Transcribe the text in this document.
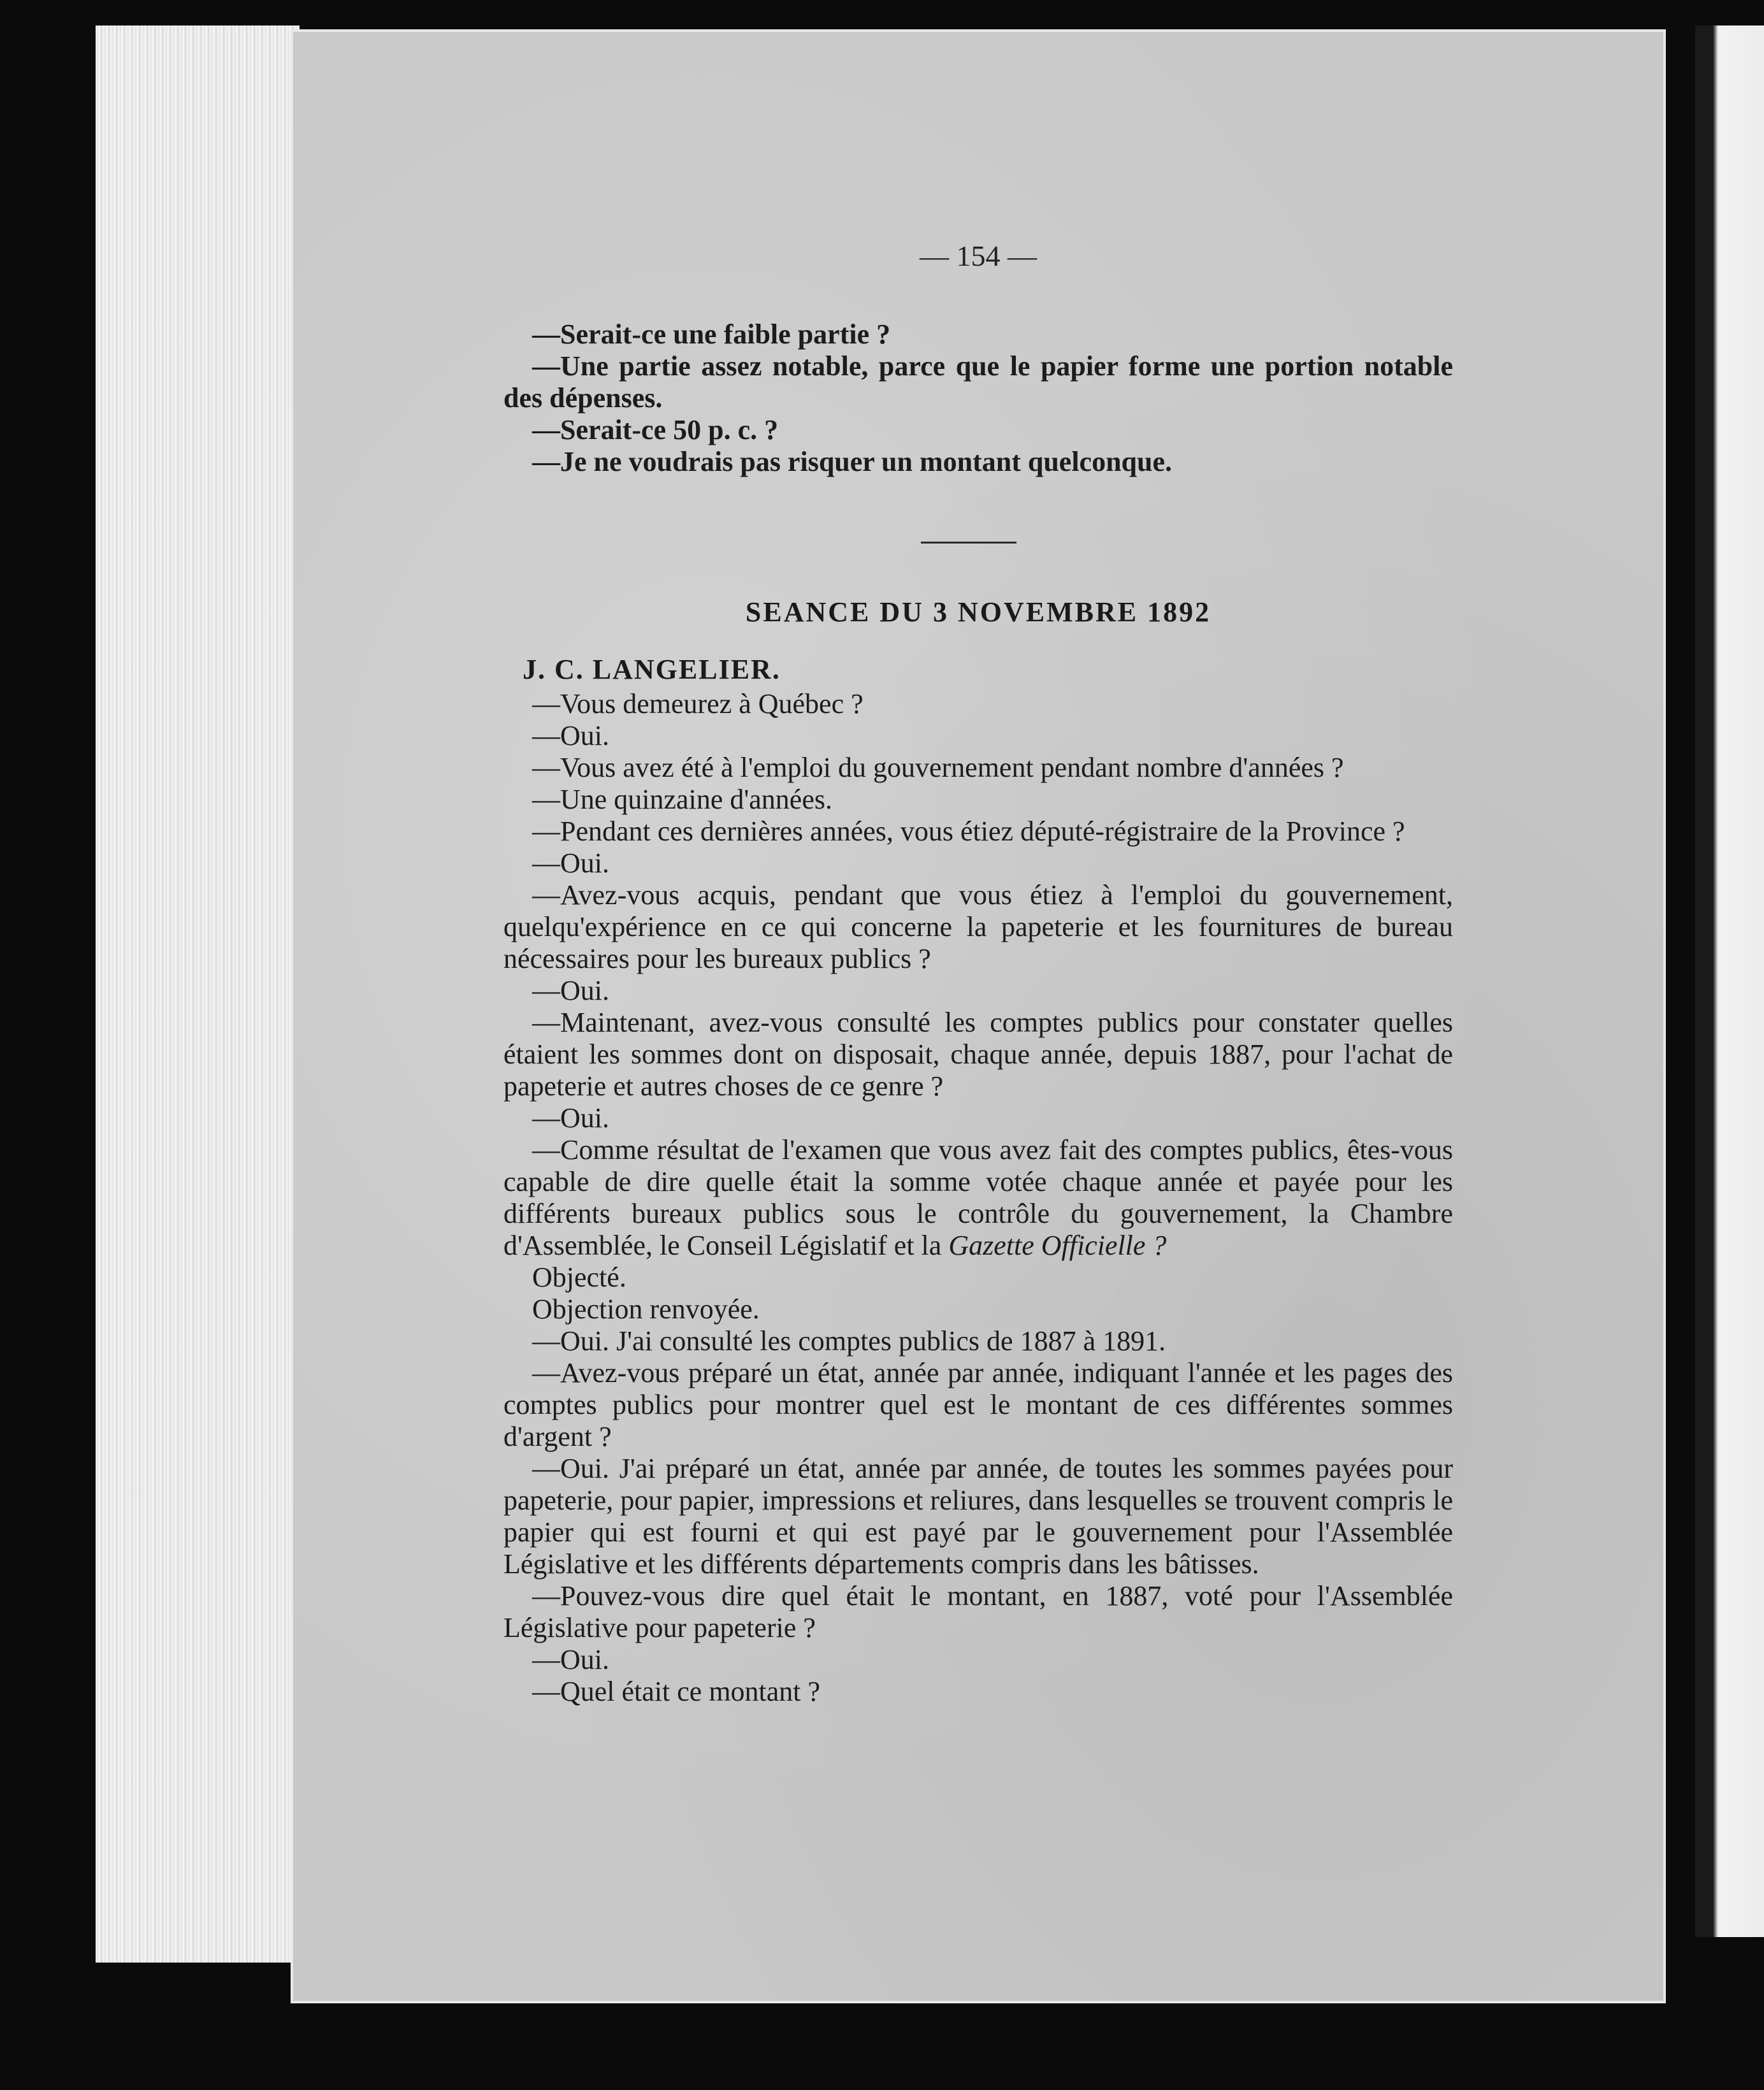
— 154 —

—Serait-ce une faible partie ?

—Une partie assez notable, parce que le papier forme une portion notable des dépenses.

—Serait-ce 50 p. c. ?

—Je ne voudrais pas risquer un montant quelconque.

SEANCE DU 3 NOVEMBRE 1892

J. C. LANGELIER.

—Vous demeurez à Québec ?

—Oui.

—Vous avez été à l'emploi du gouvernement pendant nombre d'années ?

—Une quinzaine d'années.

—Pendant ces dernières années, vous étiez député-régistraire de la Province ?

—Oui.

—Avez-vous acquis, pendant que vous étiez à l'emploi du gouvernement, quelqu'expérience en ce qui concerne la papeterie et les fournitures de bureau nécessaires pour les bureaux publics ?

—Oui.

—Maintenant, avez-vous consulté les comptes publics pour constater quelles étaient les sommes dont on disposait, chaque année, depuis 1887, pour l'achat de papeterie et autres choses de ce genre ?

—Oui.

—Comme résultat de l'examen que vous avez fait des comptes publics, êtes-vous capable de dire quelle était la somme votée chaque année et payée pour les différents bureaux publics sous le contrôle du gouvernement, la Chambre d'Assemblée, le Conseil Législatif et la Gazette Officielle ?

Objecté.

Objection renvoyée.

—Oui. J'ai consulté les comptes publics de 1887 à 1891.

—Avez-vous préparé un état, année par année, indiquant l'année et les pages des comptes publics pour montrer quel est le montant de ces différentes sommes d'argent ?

—Oui. J'ai préparé un état, année par année, de toutes les sommes payées pour papeterie, pour papier, impressions et reliures, dans lesquelles se trouvent compris le papier qui est fourni et qui est payé par le gouvernement pour l'Assemblée Législative et les différents départements compris dans les bâtisses.

—Pouvez-vous dire quel était le montant, en 1887, voté pour l'Assemblée Législative pour papeterie ?

—Oui.

—Quel était ce montant ?
